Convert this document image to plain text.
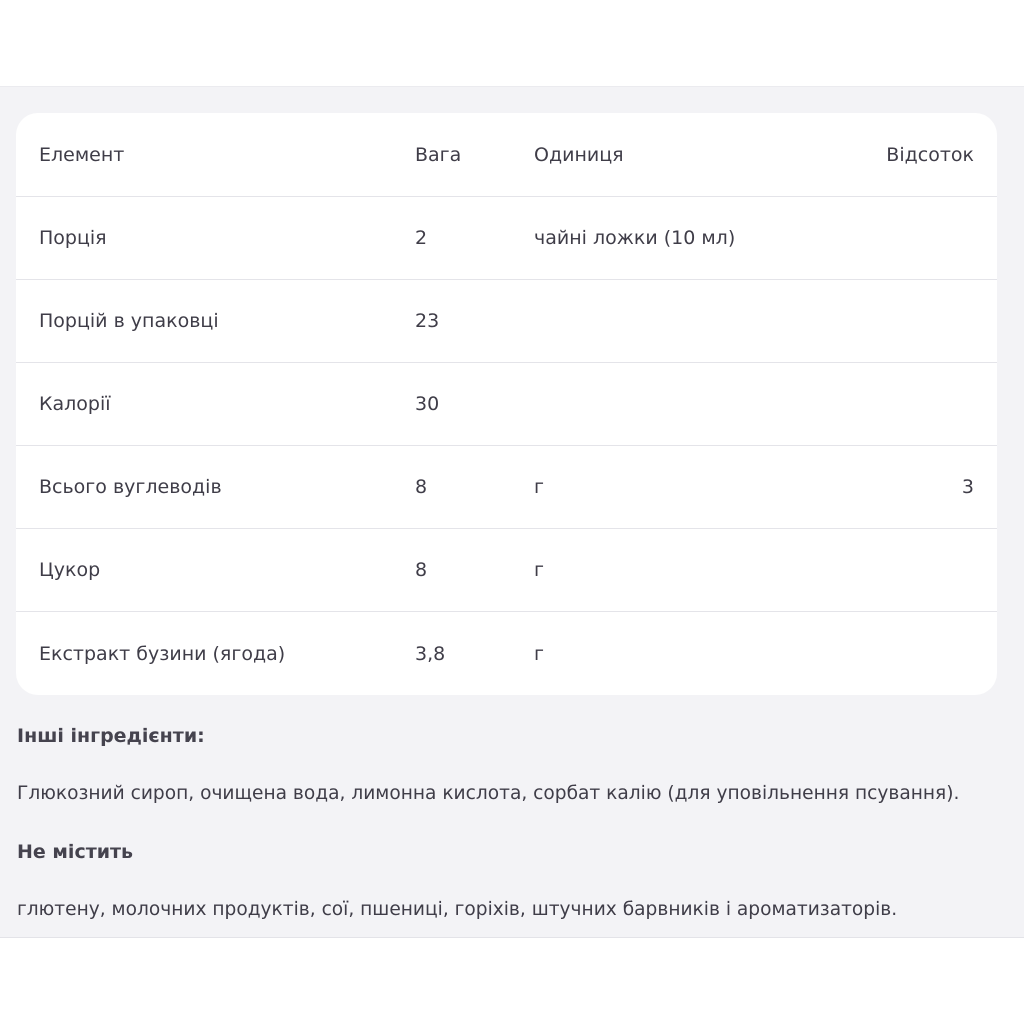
Елемент	Вага	Одиниця	Відсоток
Порція	2	чайні ложки (10 мл)
Порцій в упаковці	23
Калорії	30
Всього вуглеводів	8	г	3
Цукор	8	г
Екстракт бузини (ягода)	3,8	г
Інші інгредієнти:
Глюкозний сироп, очищена вода, лимонна кислота, сорбат калію (для уповільнення псування).
Не містить
глютену, молочних продуктів, сої, пшениці, горіхів, штучних барвників і ароматизаторів.
